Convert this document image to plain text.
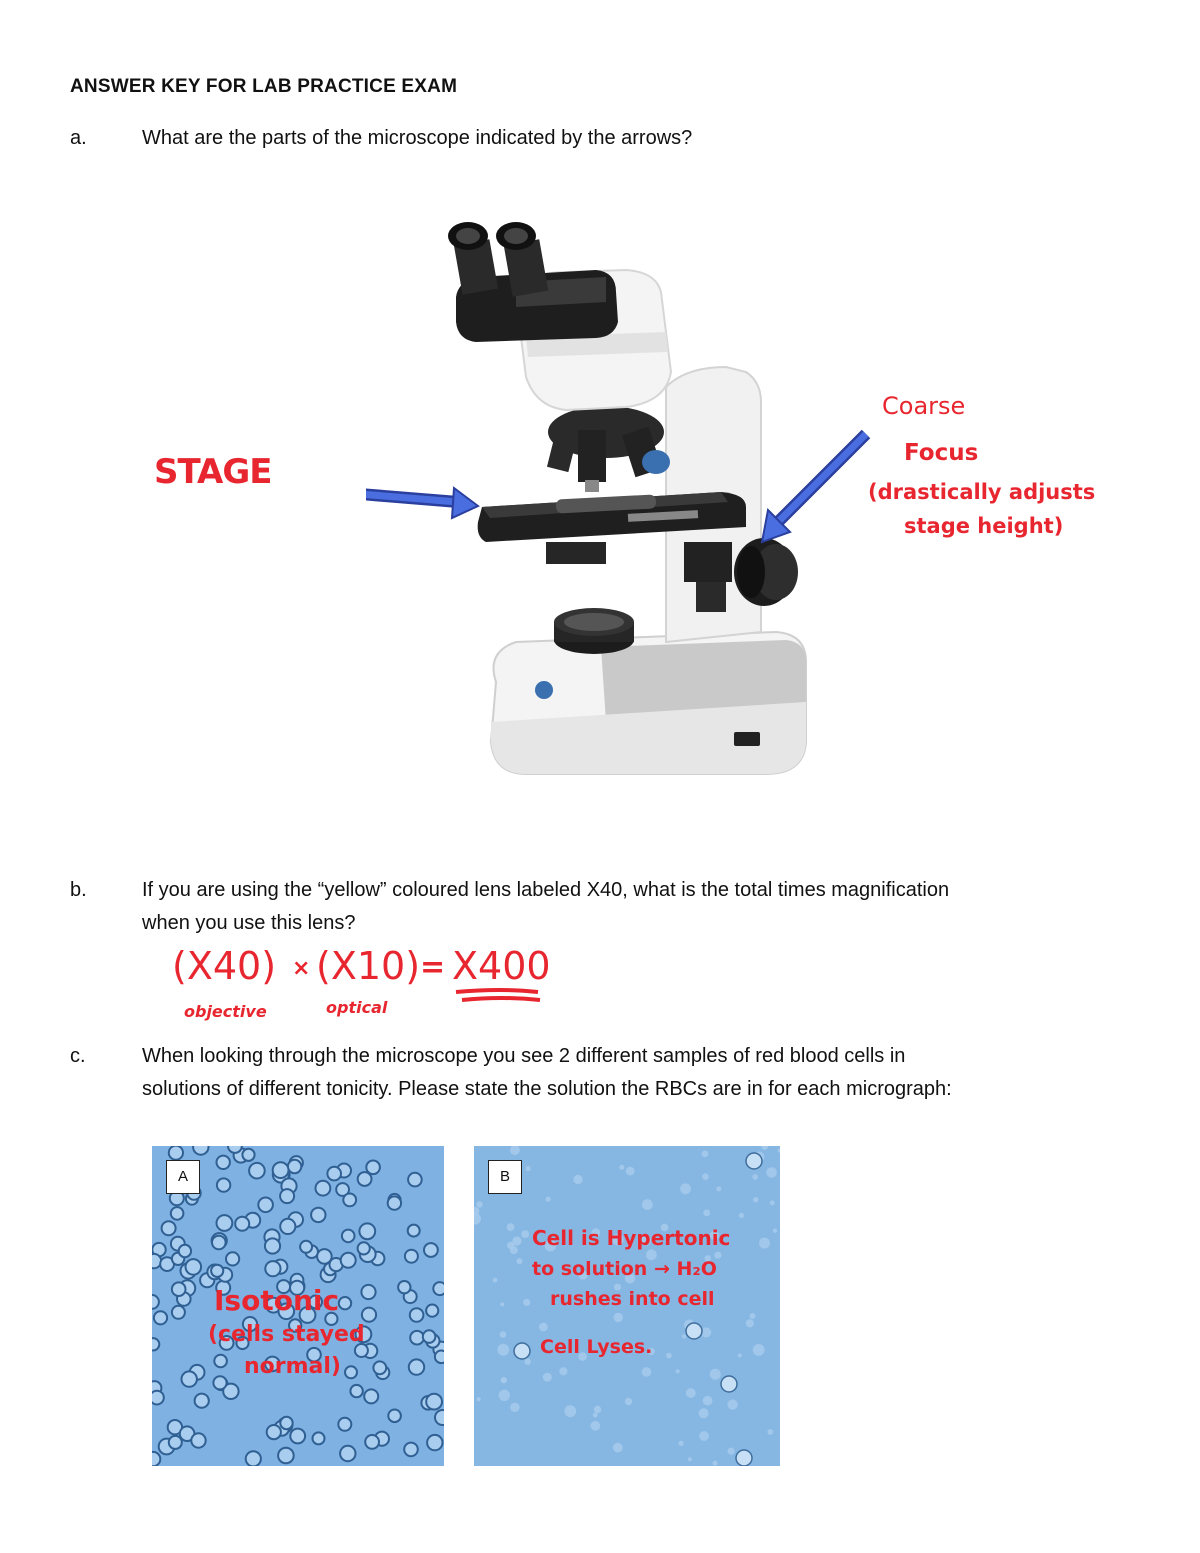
ANSWER KEY FOR LAB PRACTICE EXAM
a.	What are the parts of the microscope indicated by the arrows?
STAGE
Coarse
Focus
(drastically adjusts
stage height)
b.	If you are using the “yellow” coloured lens labeled X40, what is the total times magnification
when you use this lens?
(X40) × (X10) = X400
objective	optical
c.	When looking through the microscope you see 2 different samples of red blood cells in
solutions of different tonicity. Please state the solution the RBCs are in for each micrograph:
A
Isotonic
(cells stayed
normal)
B
Cell is Hypertonic
to solution → H₂O
rushes into cell
Cell Lyses.
